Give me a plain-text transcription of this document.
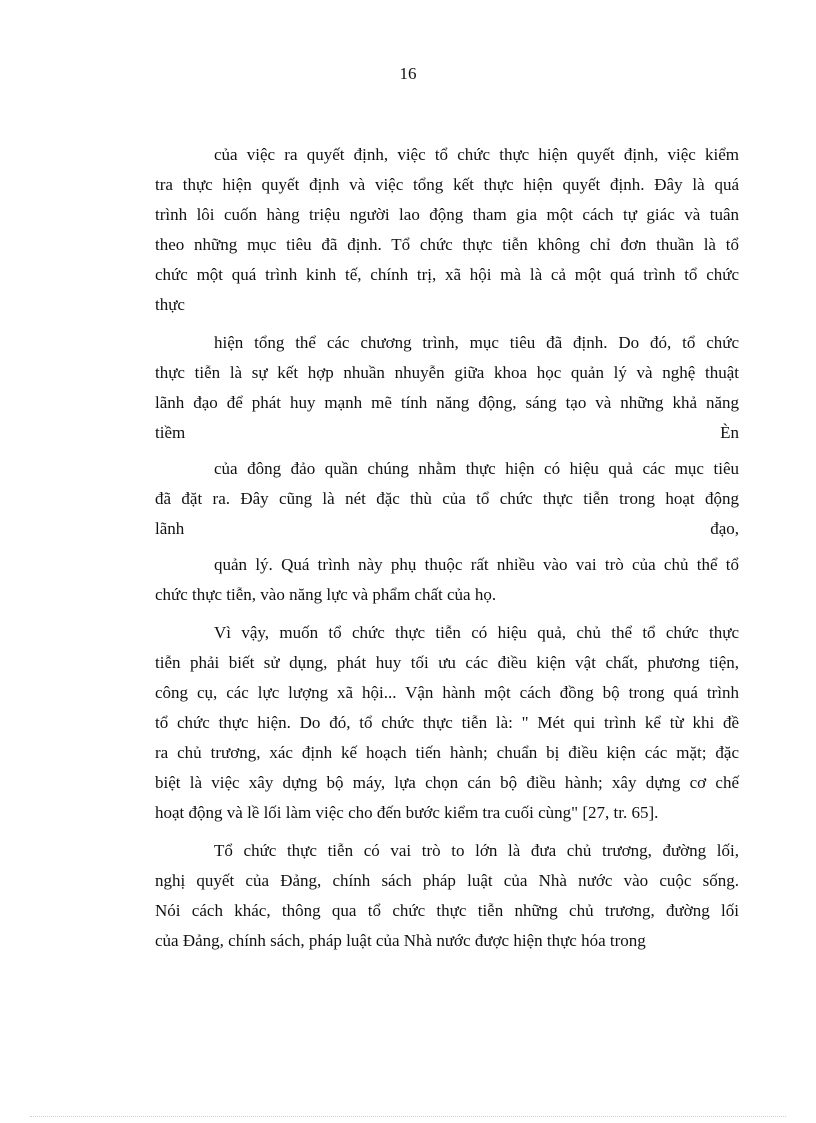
16
của việc ra quyết định, việc tổ chức thực hiện quyết định, việc kiểm
tra thực hiện quyết định và việc tổng kết thực hiện quyết định. Đây là quá
trình lôi cuốn hàng triệu người lao động tham gia một cách tự giác và tuân
theo những mục tiêu đã định. Tổ chức thực tiễn không chỉ đơn thuần là tổ
chức một quá trình kinh tế, chính trị, xã hội mà là cả một quá trình tổ chức
thực
hiện tổng thể các chương trình, mục tiêu đã định. Do đó, tổ chức
thực tiễn là sự kết hợp nhuần nhuyễn giữa khoa học quản lý và nghệ thuật
lãnh đạo để phát huy mạnh mẽ tính năng động, sáng tạo và những khả năng
tiềm Èn
của đông đảo quần chúng nhằm thực hiện có hiệu quả các mục tiêu
đã đặt ra. Đây cũng là nét đặc thù của tổ chức thực tiễn trong hoạt động
lãnh đạo,
quản lý. Quá trình này phụ thuộc rất nhiều vào vai trò của chủ thể tổ
chức thực tiễn, vào năng lực và phẩm chất của họ.
Vì vậy, muốn tổ chức thực tiễn có hiệu quả, chủ thể tổ chức thực
tiễn phải biết sử dụng, phát huy tối ưu các điều kiện vật chất, phương tiện,
công cụ, các lực lượng xã hội... Vận hành một cách đồng bộ trong quá trình
tổ chức thực hiện. Do đó, tổ chức thực tiễn là: " Mét qui trình kể từ khi đề
ra chủ trương, xác định kế hoạch tiến hành; chuẩn bị điều kiện các mặt; đặc
biệt là việc xây dựng bộ máy, lựa chọn cán bộ điều hành; xây dựng cơ chế
hoạt động và lề lối làm việc cho đến bước kiểm tra cuối cùng" [27, tr. 65].
Tổ chức thực tiễn có vai trò to lớn là đưa chủ trương, đường lối,
nghị quyết của Đảng, chính sách pháp luật của Nhà nước vào cuộc sống.
Nói cách khác, thông qua tổ chức thực tiễn những chủ trương, đường lối
của Đảng, chính sách, pháp luật của Nhà nước được hiện thực hóa trong
